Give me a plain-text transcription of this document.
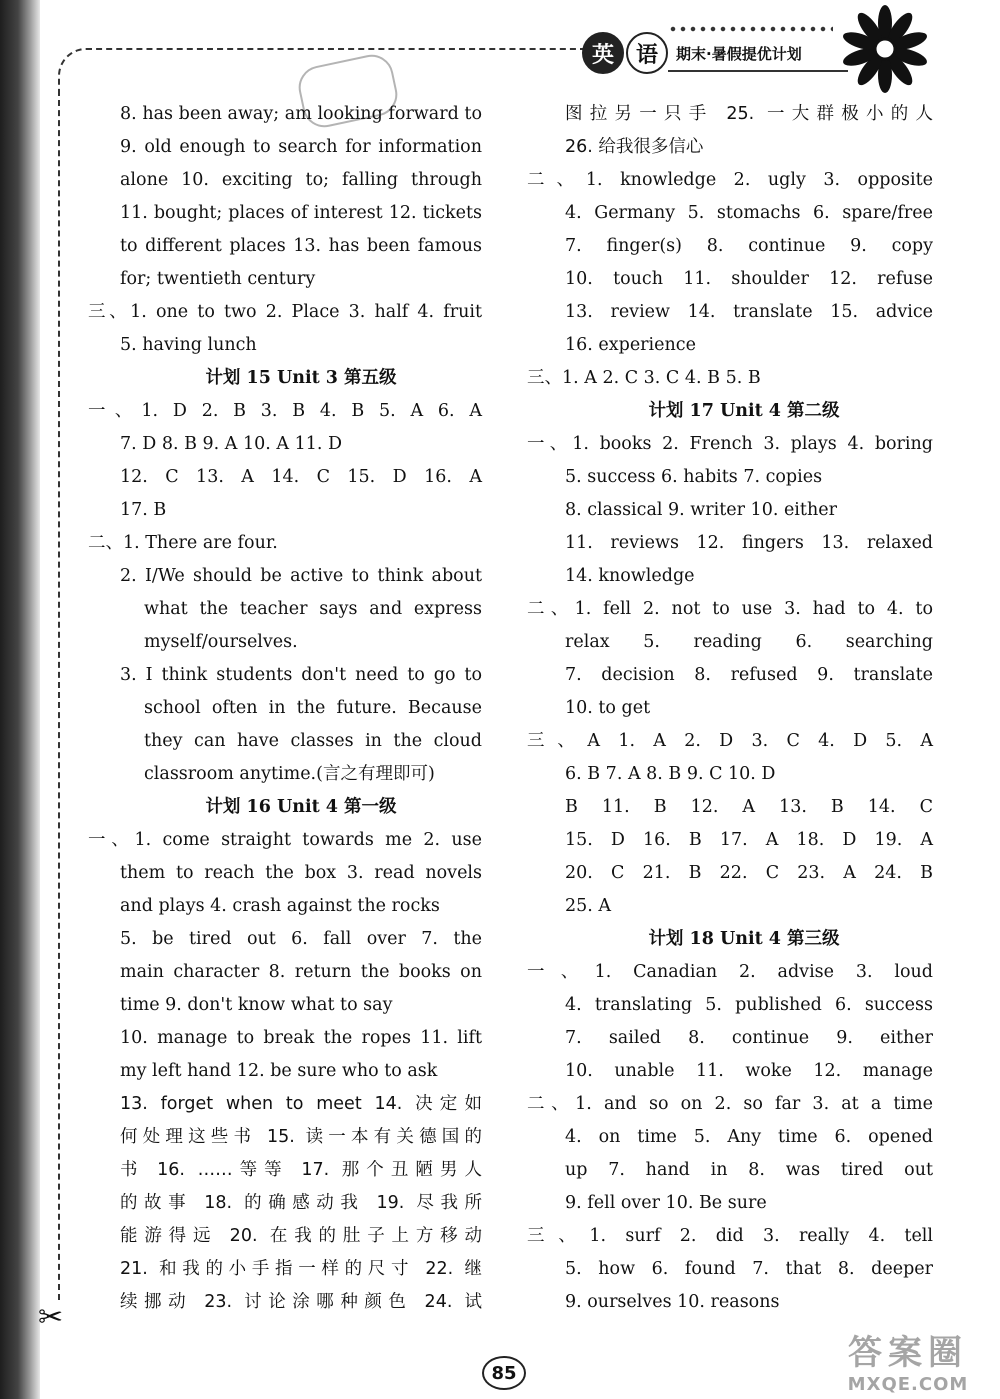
✂
英 语	期末·暑假提优计划
8. has been away; am looking forward to
9. old enough to search for information
alone 10. exciting to; falling through
11. bought; places of interest 12. tickets
to different places 13. has been famous
for; twentieth century
三、1. one to two 2. Place 3. half 4. fruit
5. having lunch
计划 15 Unit 3 第五级
一、1. D 2. B 3. B 4. B 5. A 6. A
7. D 8. B 9. A 10. A 11. D
12. C 13. A 14. C 15. D 16. A
17. B
二、1. There are four.
2. I/We should be active to think about
what the teacher says and express
myself/ourselves.
3. I think students don't need to go to
school often in the future. Because
they can have classes in the cloud
classroom anytime.(言之有理即可)
计划 16 Unit 4 第一级
一、1. come straight towards me 2. use
them to reach the box 3. read novels
and plays 4. crash against the rocks
5. be tired out 6. fall over 7. the
main character 8. return the books on
time 9. don't know what to say
10. manage to break the ropes 11. lift
my left hand 12. be sure who to ask
13. forget when to meet 14. 决定如
何处理这些书 15. 读一本有关德国的
书 16. ……等等 17. 那个丑陋男人
的故事 18. 的确感动我 19. 尽我所
能游得远 20. 在我的肚子上方移动
21. 和我的小手指一样的尺寸 22. 继
续挪动 23. 讨论涂哪种颜色 24. 试
图拉另一只手 25. 一大群极小的人
26. 给我很多信心
二、1. knowledge 2. ugly 3. opposite
4. Germany 5. stomachs 6. spare/free
7. finger(s) 8. continue 9. copy
10. touch 11. shoulder 12. refuse
13. review 14. translate 15. advice
16. experience
三、1. A 2. C 3. C 4. B 5. B
计划 17 Unit 4 第二级
一、1. books 2. French 3. plays 4. boring
5. success 6. habits 7. copies
8. classical 9. writer 10. either
11. reviews 12. fingers 13. relaxed
14. knowledge
二、1. fell 2. not to use 3. had to 4. to
relax 5. reading 6. searching
7. decision 8. refused 9. translate
10. to get
三、A 1. A 2. D 3. C 4. D 5. A
6. B 7. A 8. B 9. C 10. D
B 11. B 12. A 13. B 14. C
15. D 16. B 17. A 18. D 19. A
20. C 21. B 22. C 23. A 24. B
25. A
计划 18 Unit 4 第三级
一、1. Canadian 2. advise 3. loud
4. translating 5. published 6. success
7. sailed 8. continue 9. either
10. unable 11. woke 12. manage
二、1. and so on 2. so far 3. at a time
4. on time 5. Any time 6. opened
up 7. hand in 8. was tired out
9. fell over 10. Be sure
三、1. surf 2. did 3. really 4. tell
5. how 6. found 7. that 8. deeper
9. ourselves 10. reasons
85	答案圈
MXQE.COM
